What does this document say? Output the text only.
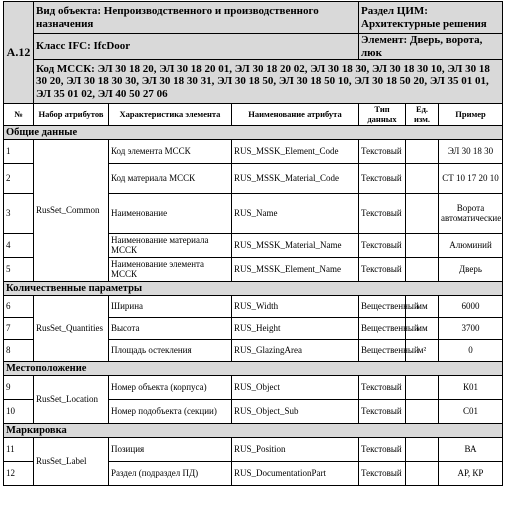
А.12	Вид объекта: Непроизводственного и производственного назначения			Раздел ЦИМ: Архитектурные решения		
	Класс IFC: IfcDoor			Элемент: Дверь, ворота, люк		
	Код МССК: ЭЛ 30 18 20, ЭЛ 30 18 20 01, ЭЛ 30 18 20 02, ЭЛ 30 18 30, ЭЛ 30 18 30 10, ЭЛ 30 18 30 20, ЭЛ 30 18 30 30, ЭЛ 30 18 30 31, ЭЛ 30 18 50, ЭЛ 30 18 50 10, ЭЛ 30 18 50 20, ЭЛ 35 01 01, ЭЛ 35 01 02, ЭЛ 40 50 27 06					
№	Набор атрибутов	Характеристика элемента	Наименование атрибута	Тип данных	Ед. изм.	Пример
Общие данные						
1	RusSet_Common	Код элемента МССК	RUS_MSSK_Element_Code	Текстовый		ЭЛ 30 18 30
2		Код материала МССК	RUS_MSSK_Material_Code	Текстовый		СТ 10 17 20 10
3		Наименование	RUS_Name	Текстовый		Ворота автоматические
4		Наименование материала МССК	RUS_MSSK_Material_Name	Текстовый		Алюминий
5		Наименование элемента МССК	RUS_MSSK_Element_Name	Текстовый		Дверь
Количественные параметры						
6	RusSet_Quantities	Ширина	RUS_Width	Вещественный	мм	6000
7		Высота	RUS_Height	Вещественный	мм	3700
8		Площадь остекления	RUS_GlazingArea	Вещественный	м²	0
Местоположение						
9	RusSet_Location	Номер объекта (корпуса)	RUS_Object	Текстовый		К01
10		Номер подобъекта (секции)	RUS_Object_Sub	Текстовый		С01
Маркировка						
11	RusSet_Label	Позиция	RUS_Position	Текстовый		ВА
12		Раздел (подраздел ПД)	RUS_DocumentationPart	Текстовый		АР, КР
